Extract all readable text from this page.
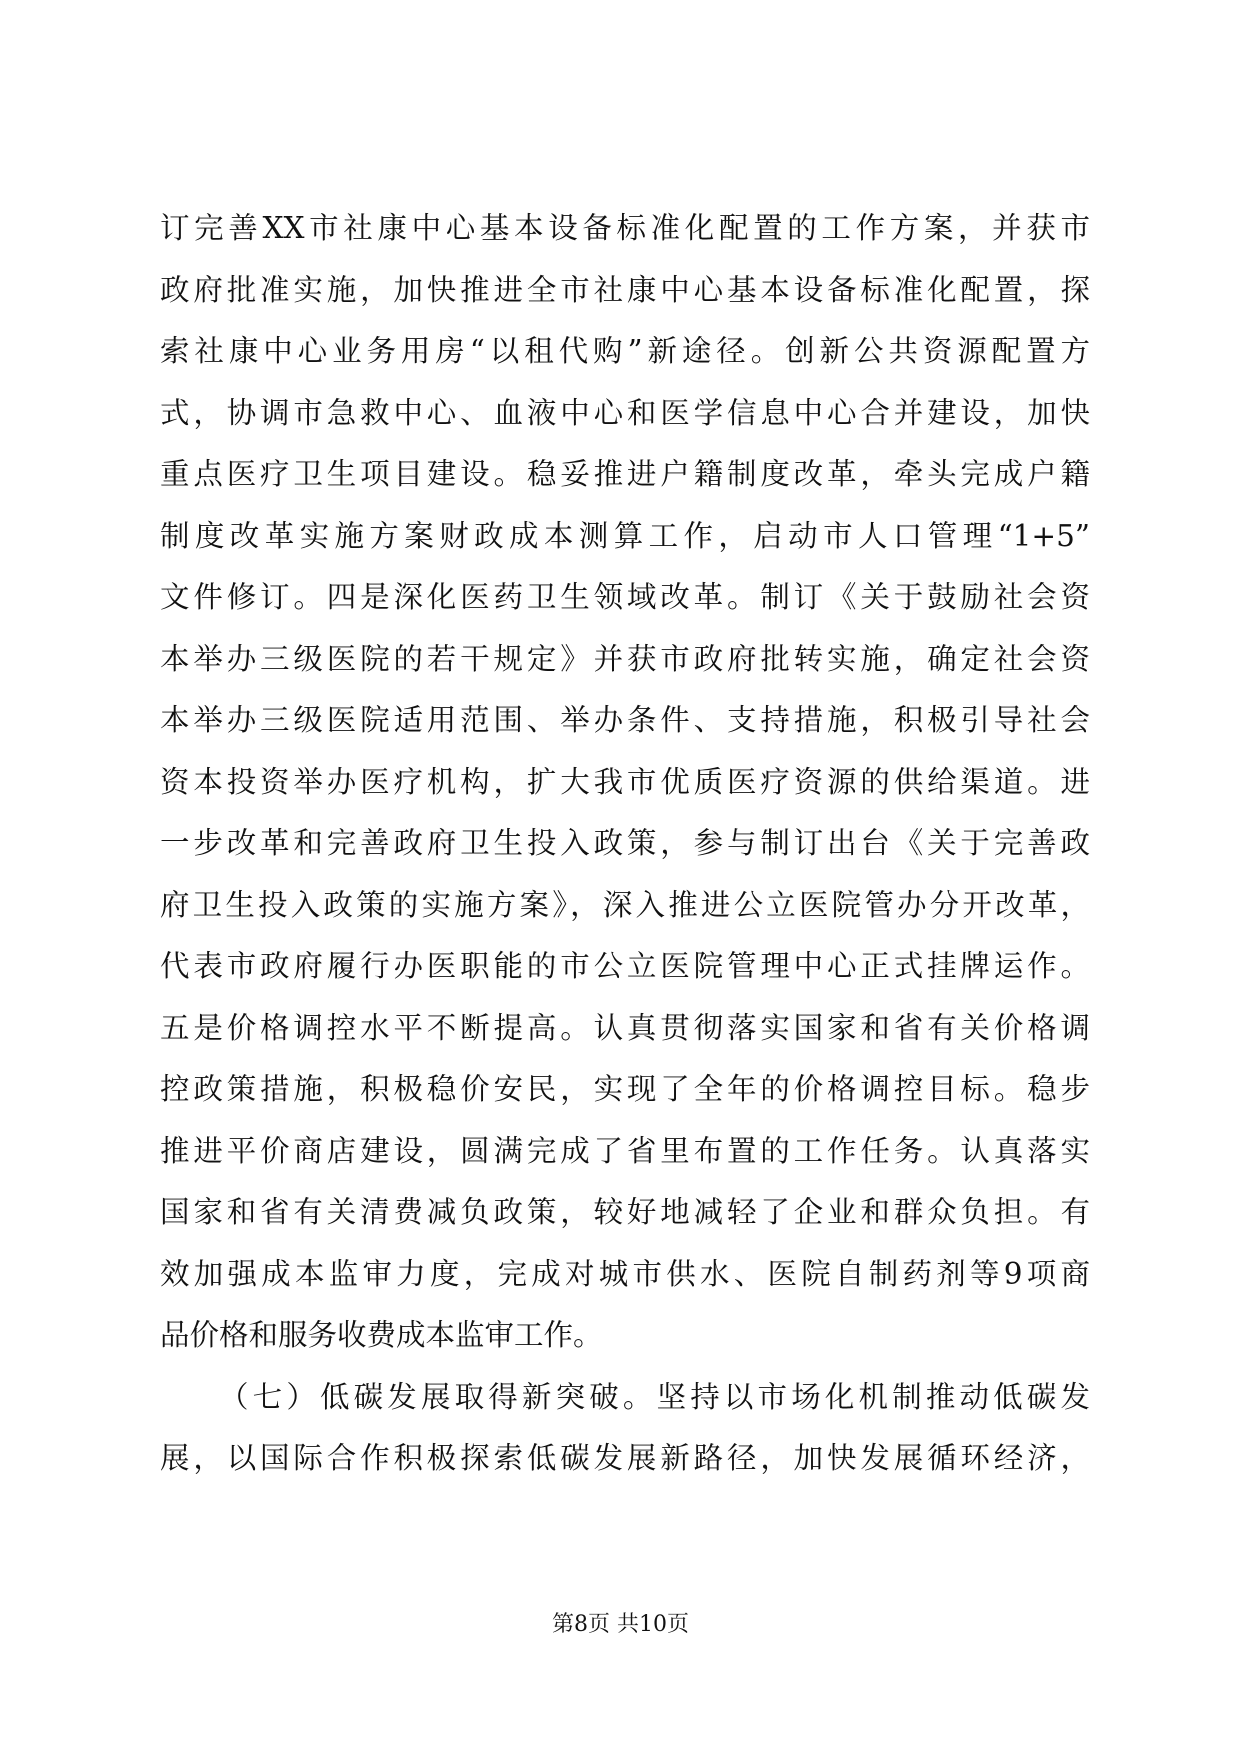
订完善XX市社康中心基本设备标准化配置的工作方案，并获市
政府批准实施，加快推进全市社康中心基本设备标准化配置，探
索社康中心业务用房“以租代购”新途径。创新公共资源配置方
式，协调市急救中心、血液中心和医学信息中心合并建设，加快
重点医疗卫生项目建设。稳妥推进户籍制度改革，牵头完成户籍
制度改革实施方案财政成本测算工作，启动市人口管理“1+5”
文件修订。四是深化医药卫生领域改革。制订《关于鼓励社会资
本举办三级医院的若干规定》并获市政府批转实施，确定社会资
本举办三级医院适用范围、举办条件、支持措施，积极引导社会
资本投资举办医疗机构，扩大我市优质医疗资源的供给渠道。进
一步改革和完善政府卫生投入政策，参与制订出台《关于完善政
府卫生投入政策的实施方案》，深入推进公立医院管办分开改革，
代表市政府履行办医职能的市公立医院管理中心正式挂牌运作。
五是价格调控水平不断提高。认真贯彻落实国家和省有关价格调
控政策措施，积极稳价安民，实现了全年的价格调控目标。稳步
推进平价商店建设，圆满完成了省里布置的工作任务。认真落实
国家和省有关清费减负政策，较好地减轻了企业和群众负担。有
效加强成本监审力度，完成对城市供水、医院自制药剂等9项商
品价格和服务收费成本监审工作。
（七）低碳发展取得新突破。坚持以市场化机制推动低碳发
展，以国际合作积极探索低碳发展新路径，加快发展循环经济，
第8页 共10页
